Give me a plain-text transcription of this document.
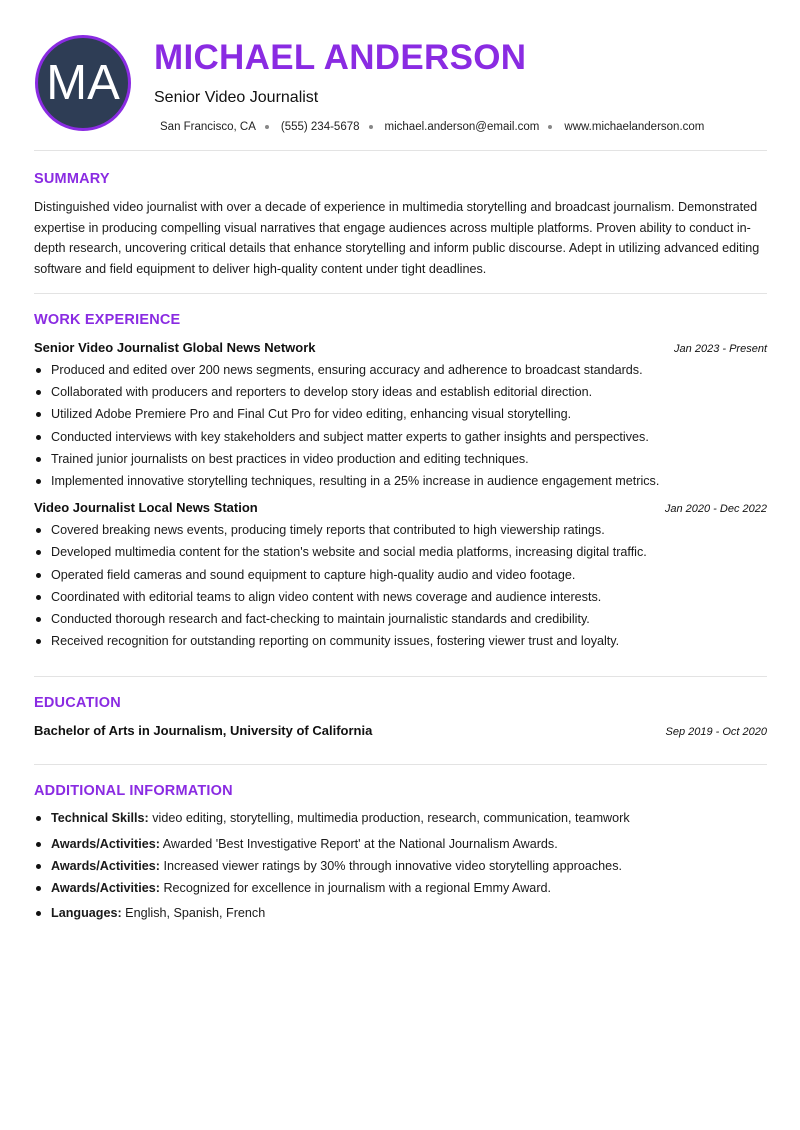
MA MICHAEL ANDERSON
Senior Video Journalist
San Francisco, CA (555) 234-5678 michael.anderson@email.com www.michaelanderson.com
SUMMARY

Distinguished video journalist with over a decade of experience in multimedia storytelling and broadcast journalism. Demonstrated expertise in producing compelling visual narratives that engage audiences across multiple platforms. Proven ability to conduct in-depth research, uncovering critical details that enhance storytelling and inform public discourse. Adept in utilizing advanced editing software and field equipment to deliver high-quality content under tight deadlines.

WORK EXPERIENCE
Senior Video Journalist Global News Network	Jan 2023 - Present
Produced and edited over 200 news segments, ensuring accuracy and adherence to broadcast standards.
Collaborated with producers and reporters to develop story ideas and establish editorial direction.
Utilized Adobe Premiere Pro and Final Cut Pro for video editing, enhancing visual storytelling.
Conducted interviews with key stakeholders and subject matter experts to gather insights and perspectives.
Trained junior journalists on best practices in video production and editing techniques.
Implemented innovative storytelling techniques, resulting in a 25% increase in audience engagement metrics.
Video Journalist Local News Station	Jan 2020 - Dec 2022
Covered breaking news events, producing timely reports that contributed to high viewership ratings.
Developed multimedia content for the station's website and social media platforms, increasing digital traffic.
Operated field cameras and sound equipment to capture high-quality audio and video footage.
Coordinated with editorial teams to align video content with news coverage and audience interests.
Conducted thorough research and fact-checking to maintain journalistic standards and credibility.
Received recognition for outstanding reporting on community issues, fostering viewer trust and loyalty.
EDUCATION
Bachelor of Arts in Journalism, University of California	Sep 2019 - Oct 2020
ADDITIONAL INFORMATION
Technical Skills: video editing, storytelling, multimedia production, research, communication, teamwork
Awards/Activities: Awarded 'Best Investigative Report' at the National Journalism Awards.
Awards/Activities: Increased viewer ratings by 30% through innovative video storytelling approaches.
Awards/Activities: Recognized for excellence in journalism with a regional Emmy Award.
Languages: English, Spanish, French
